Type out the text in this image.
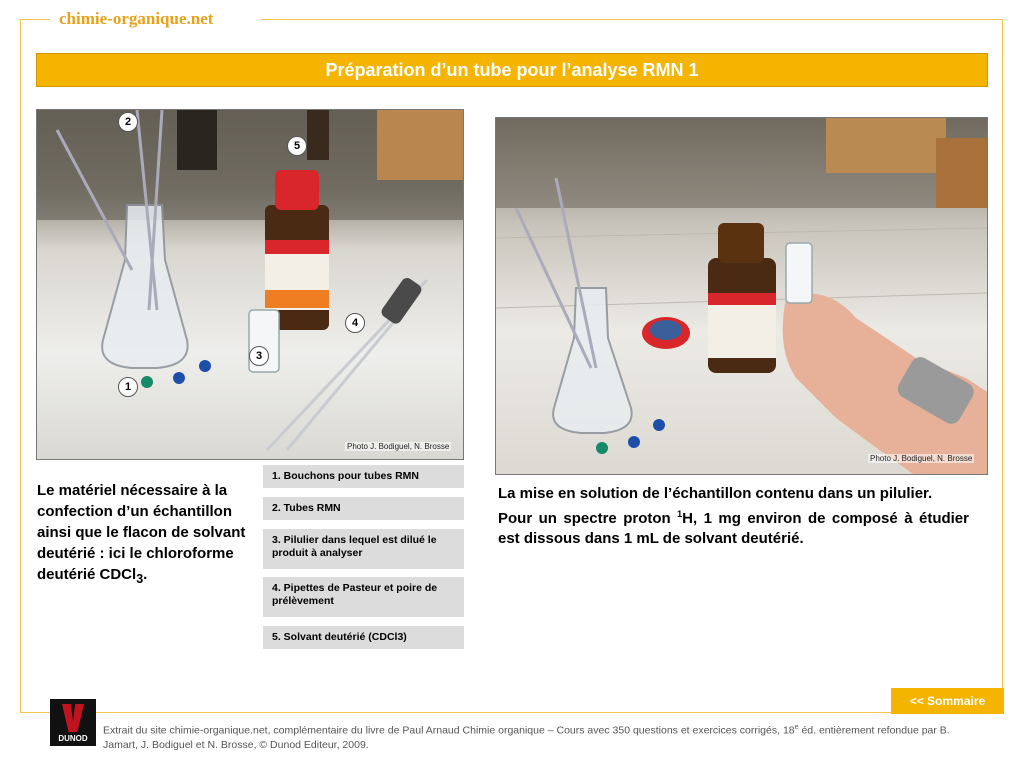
chimie-organique.net
Préparation d’un tube pour l’analyse RMN 1
Photo J. Bodiguel, N. Brosse
2
5
4
3
1
Photo J. Bodiguel, N. Brosse
Le matériel nécessaire à la confection d’un échantillon ainsi que le flacon de solvant deutérié : ici le chloroforme deutérié CDCl$_3$.
La mise en solution de l’échantillon contenu dans un pilulier.
Pour un spectre proton $^1$H, 1 mg environ de composé à étudier est dissous dans 1 mL de solvant deutérié.
1. Bouchons pour tubes RMN
2. Tubes RMN
3. Pilulier dans lequel est dilué le produit à analyser
4. Pipettes de Pasteur et poire de prélèvement
5. Solvant deutérié (CDCl3)
<< Sommaire
DUNOD
Extrait du site chimie-organique.net, complémentaire du livre de Paul Arnaud Chimie organique – Cours avec 350 questions et exercices corrigés, 18e éd. entièrement refondue par B. Jamart, J. Bodiguel et N. Brosse, © Dunod Editeur, 2009.
